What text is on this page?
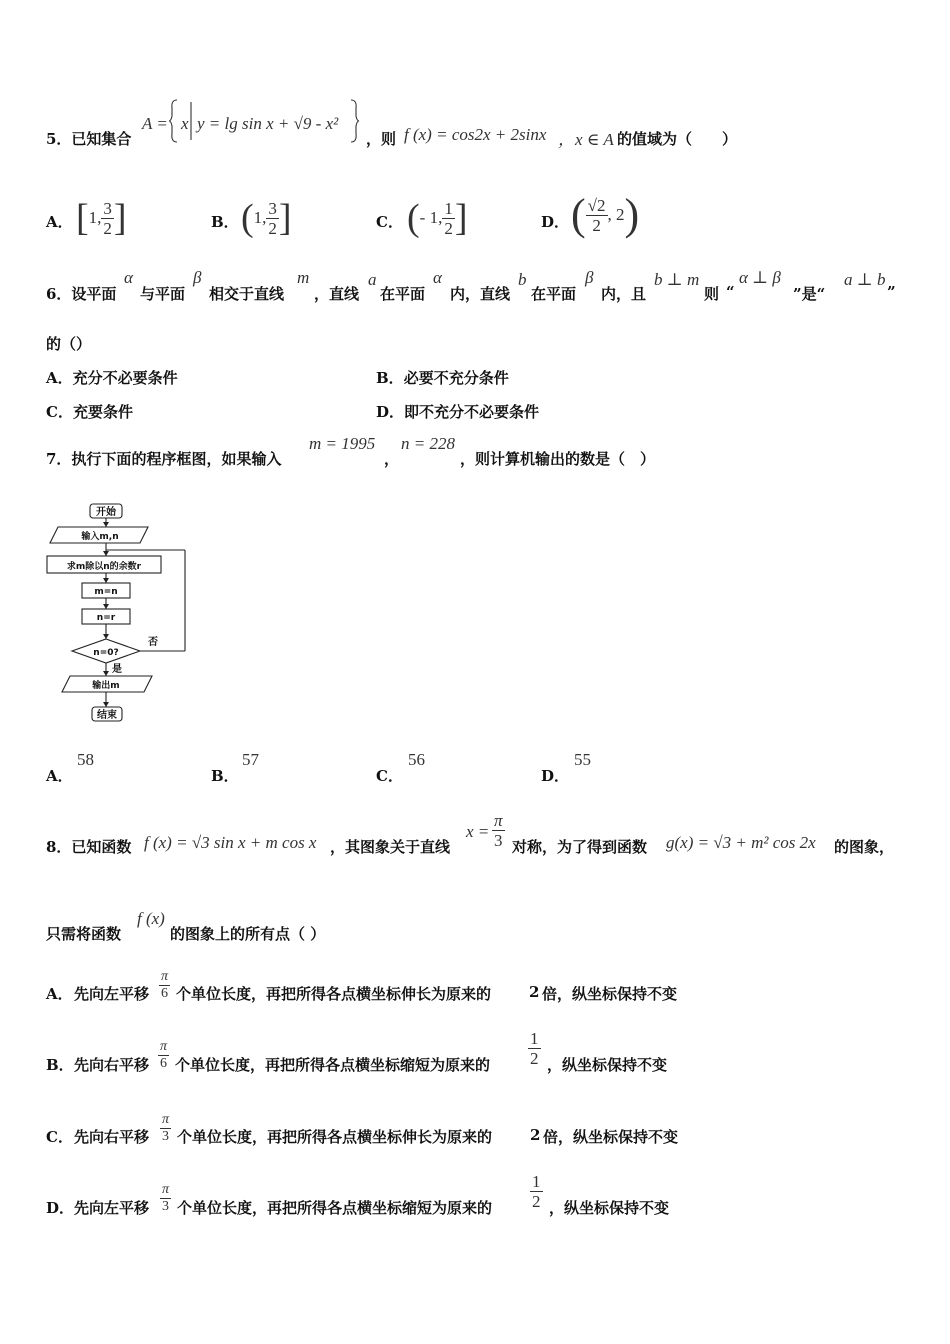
5．已知集合
A = x y = lg sin x + √9 - x²
，则 f (x) = cos2x + 2sinx ，x ∈ A 的值域为（　　）
A． [1, $\frac{3}{2}$ ]	B． (1, $\frac{3}{2}$ ]	C． (- 1, $\frac{1}{2}$ ]	D． ( $\frac{√2}{2}$ , 2)
6．设平面
α
与平面
β
相交于直线
m
，直线
a
在平面
α
内，直线
b
在平面
β
内，且
b ⊥ m
则 “
α ⊥ β
”是“
a ⊥ b
”
的（）
A．充分不必要条件	B．必要不充分条件
C．充要条件	D．即不充分不必要条件
7．执行下面的程序框图，如果输入
m = 1995
，
n = 228
，则计算机输出的数是（　）
开始
输入m,n
求m除以n的余数r
m=n
n=r
n=0?
否
是
输出m
结束
A．
58
B．
57
C．
56
D．
55
8．已知函数 f (x) = √3 sin x + m cos x ，其图象关于直线
$x = \frac{\pi}{3}$ 对称，为了得到函数 g(x) = √3 + m² cos 2x 的图象，
只需将函数
f (x)
的图象上的所有点（ ）
A． 先向左平移 $\frac{\pi}{6}$ 个单位长度，再把所得各点横坐标伸长为原来的	2 倍，纵坐标保持不变
B． 先向右平移 $\frac{\pi}{6}$ 个单位长度，再把所得各点横坐标缩短为原来的 $\frac{1}{2}$ ，纵坐标保持不变
C． 先向右平移 $\frac{\pi}{3}$ 个单位长度，再把所得各点横坐标伸长为原来的	2 倍，纵坐标保持不变
D． 先向左平移 $\frac{\pi}{3}$ 个单位长度，再把所得各点横坐标缩短为原来的 $\frac{1}{2}$ ，纵坐标保持不变
